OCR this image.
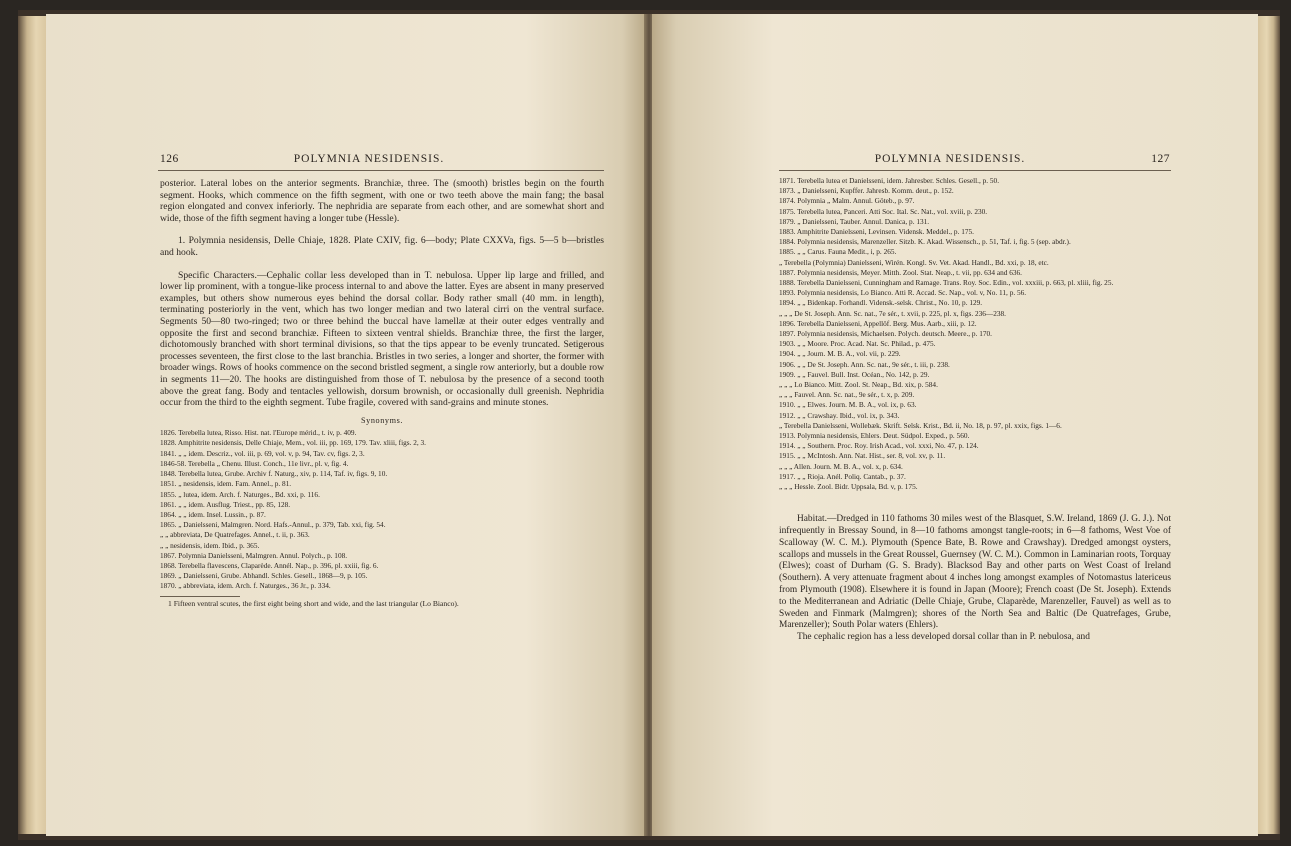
126	POLYMNIA NESIDENSIS.

posterior. Lateral lobes on the anterior segments. Branchiæ, three. The (smooth) bristles begin on the fourth segment. Hooks, which commence on the fifth segment, with one or two teeth above the main fang; the basal region elongated and convex inferiorly. The nephridia are separate from each other, and are somewhat short and wide, those of the fifth segment having a longer tube (Hessle).

1. Polymnia nesidensis, Delle Chiaje, 1828. Plate CXIV, fig. 6—body; Plate CXXVa, figs. 5—5 b—bristles and hook.

Specific Characters.—Cephalic collar less developed than in T. nebulosa. Upper lip large and frilled, and lower lip prominent, with a tongue-like process internal to and above the latter. Eyes are absent in many preserved examples, but others show numerous eyes behind the dorsal collar. Body rather small (40 mm. in length), terminating posteriorly in the vent, which has two longer median and two lateral cirri on the ventral surface. Segments 50—80 two-ringed; two or three behind the buccal have lamellæ at their outer edges ventrally and opposite the first and second branchiæ. Fifteen to sixteen ventral shields. Branchiæ three, the first the larger, dichotomously branched with short terminal divisions, so that the tips appear to be evenly truncated. Setigerous processes seventeen, the first close to the last branchia. Bristles in two series, a longer and shorter, the former with broader wings. Rows of hooks commence on the second bristled segment, a single row anteriorly, but a double row in segments 11—20. The hooks are distinguished from those of T. nebulosa by the presence of a second tooth above the great fang. Body and tentacles yellowish, dorsum brownish, or occasionally dull greenish. Nephridia occur from the third to the eighth segment. Tube fragile, covered with sand-grains and minute stones.

Synonyms.
1826. Terebella lutea, Risso. Hist. nat. l'Europe mérid., t. iv, p. 409.
1828. Amphitrite nesidensis, Delle Chiaje, Mem., vol. iii, pp. 169, 179. Tav. xliii, figs. 2, 3.
1841. „ „ idem. Descriz., vol. iii, p. 69, vol. v, p. 94, Tav. cv, figs. 2, 3.
1846-58. Terebella „ Chenu. Illust. Conch., 11e livr., pl. v, fig. 4.
1848. Terebella lutea, Grube. Archiv f. Naturg., xiv, p. 114, Taf. iv, figs. 9, 10.
1851. „ nesidensis, idem. Fam. Annel., p. 81.
1855. „ lutea, idem. Arch. f. Naturges., Bd. xxi, p. 116.
1861. „ „ idem. Ausflug. Triest., pp. 85, 128.
1864. „ „ idem. Insel. Lussin., p. 87.
1865. „ Danielsseni, Malmgren. Nord. Hafs.-Annul., p. 379, Tab. xxi, fig. 54.
„ „ abbreviata, De Quatrefages. Annel., t. ii, p. 363.
„ „ nesidensis, idem. Ibid., p. 365.
1867. Polymnia Danielsseni, Malmgren. Annul. Polych., p. 108.
1868. Terebella flavescens, Claparède. Annél. Nap., p. 396, pl. xxiii, fig. 6.
1869. „ Danielsseni, Grube. Abhandl. Schles. Gesell., 1868—9, p. 105.
1870. „ abbreviata, idem. Arch. f. Naturges., 36 Jr., p. 334.
1 Fifteen ventral scutes, the first eight being short and wide, and the last triangular (Lo Bianco).
POLYMNIA NESIDENSIS.	127
1871. Terebella lutea et Danielsseni, idem. Jahresber. Schles. Gesell., p. 50.
1873. „ Danielsseni, Kupffer. Jahresb. Komm. deut., p. 152.
1874. Polymnia „ Malm. Annul. Göteb., p. 97.
1875. Terebella lutea, Panceri. Atti Soc. Ital. Sc. Nat., vol. xviii, p. 230.
1879. „ Danielsseni, Tauber. Annul. Danica, p. 131.
1883. Amphitrite Danielsseni, Levinsen. Vidensk. Meddel., p. 175.
1884. Polymnia nesidensis, Marenzeller. Sitzb. K. Akad. Wissensch., p. 51, Taf. i, fig. 5 (sep. abdr.).
1885. „ „ Carus. Fauna Medit., i, p. 265.
„ Terebella (Polymnia) Danielsseni, Wirén. Kongl. Sv. Vet. Akad. Handl., Bd. xxi, p. 18, etc.
1887. Polymnia nesidensis, Meyer. Mitth. Zool. Stat. Neap., t. vii, pp. 634 and 636.
1888. Terebella Danielsseni, Cunningham and Ramage. Trans. Roy. Soc. Edin., vol. xxxiii, p. 663, pl. xliii, fig. 25.
1893. Polymnia nesidensis, Lo Bianco. Atti R. Accad. Sc. Nap., vol. v, No. 11, p. 56.
1894. „ „ Bidenkap. Forhandl. Vidensk.-selsk. Christ., No. 10, p. 129.
„ „ „ De St. Joseph. Ann. Sc. nat., 7e sér., t. xvii, p. 225, pl. x, figs. 236—238.
1896. Terebella Danielsseni, Appellöf. Berg. Mus. Aarb., xiii, p. 12.
1897. Polymnia nesidensis, Michaelsen. Polych. deutsch. Meere., p. 170.
1903. „ „ Moore. Proc. Acad. Nat. Sc. Philad., p. 475.
1904. „ „ Journ. M. B. A., vol. vii, p. 229.
1906. „ „ De St. Joseph. Ann. Sc. nat., 9e sér., t. iii, p. 238.
1909. „ „ Fauvel. Bull. Inst. Océan., No. 142, p. 29.
„ „ „ Lo Bianco. Mitt. Zool. St. Neap., Bd. xix, p. 584.
„ „ „ Fauvel. Ann. Sc. nat., 9e sér., t. x, p. 209.
1910. „ „ Elwes. Journ. M. B. A., vol. ix, p. 63.
1912. „ „ Crawshay. Ibid., vol. ix, p. 343.
„ Terebella Danielsseni, Wollebæk. Skrift. Selsk. Krist., Bd. ii, No. 18, p. 97, pl. xxix, figs. 1—6.
1913. Polymnia nesidensis, Ehlers. Deut. Südpol. Exped., p. 560.
1914. „ „ Southern. Proc. Roy. Irish Acad., vol. xxxi, No. 47, p. 124.
1915. „ „ McIntosh. Ann. Nat. Hist., ser. 8, vol. xv, p. 11.
„ „ „ Allen. Journ. M. B. A., vol. x, p. 634.
1917. „ „ Rioja. Anél. Poliq. Cantab., p. 37.
„ „ „ Hessle. Zool. Bidr. Uppsala, Bd. v, p. 175.

Habitat.—Dredged in 110 fathoms 30 miles west of the Blasquet, S.W. Ireland, 1869 (J. G. J.). Not infrequently in Bressay Sound, in 8—10 fathoms amongst tangle-roots; in 6—8 fathoms, West Voe of Scalloway (W. C. M.). Plymouth (Spence Bate, B. Rowe and Crawshay). Dredged amongst oysters, scallops and mussels in the Great Roussel, Guernsey (W. C. M.). Common in Laminarian roots, Torquay (Elwes); coast of Durham (G. S. Brady). Blacksod Bay and other parts on West Coast of Ireland (Southern). A very attenuate fragment about 4 inches long amongst examples of Notomastus latericeus from Plymouth (1908). Elsewhere it is found in Japan (Moore); French coast (De St. Joseph). Extends to the Mediterranean and Adriatic (Delle Chiaje, Grube, Claparède, Marenzeller, Fauvel) as well as to Sweden and Finmark (Malmgren); shores of the North Sea and Baltic (De Quatrefages, Grube, Marenzeller); South Polar waters (Ehlers).

The cephalic region has a less developed dorsal collar than in P. nebulosa, and
